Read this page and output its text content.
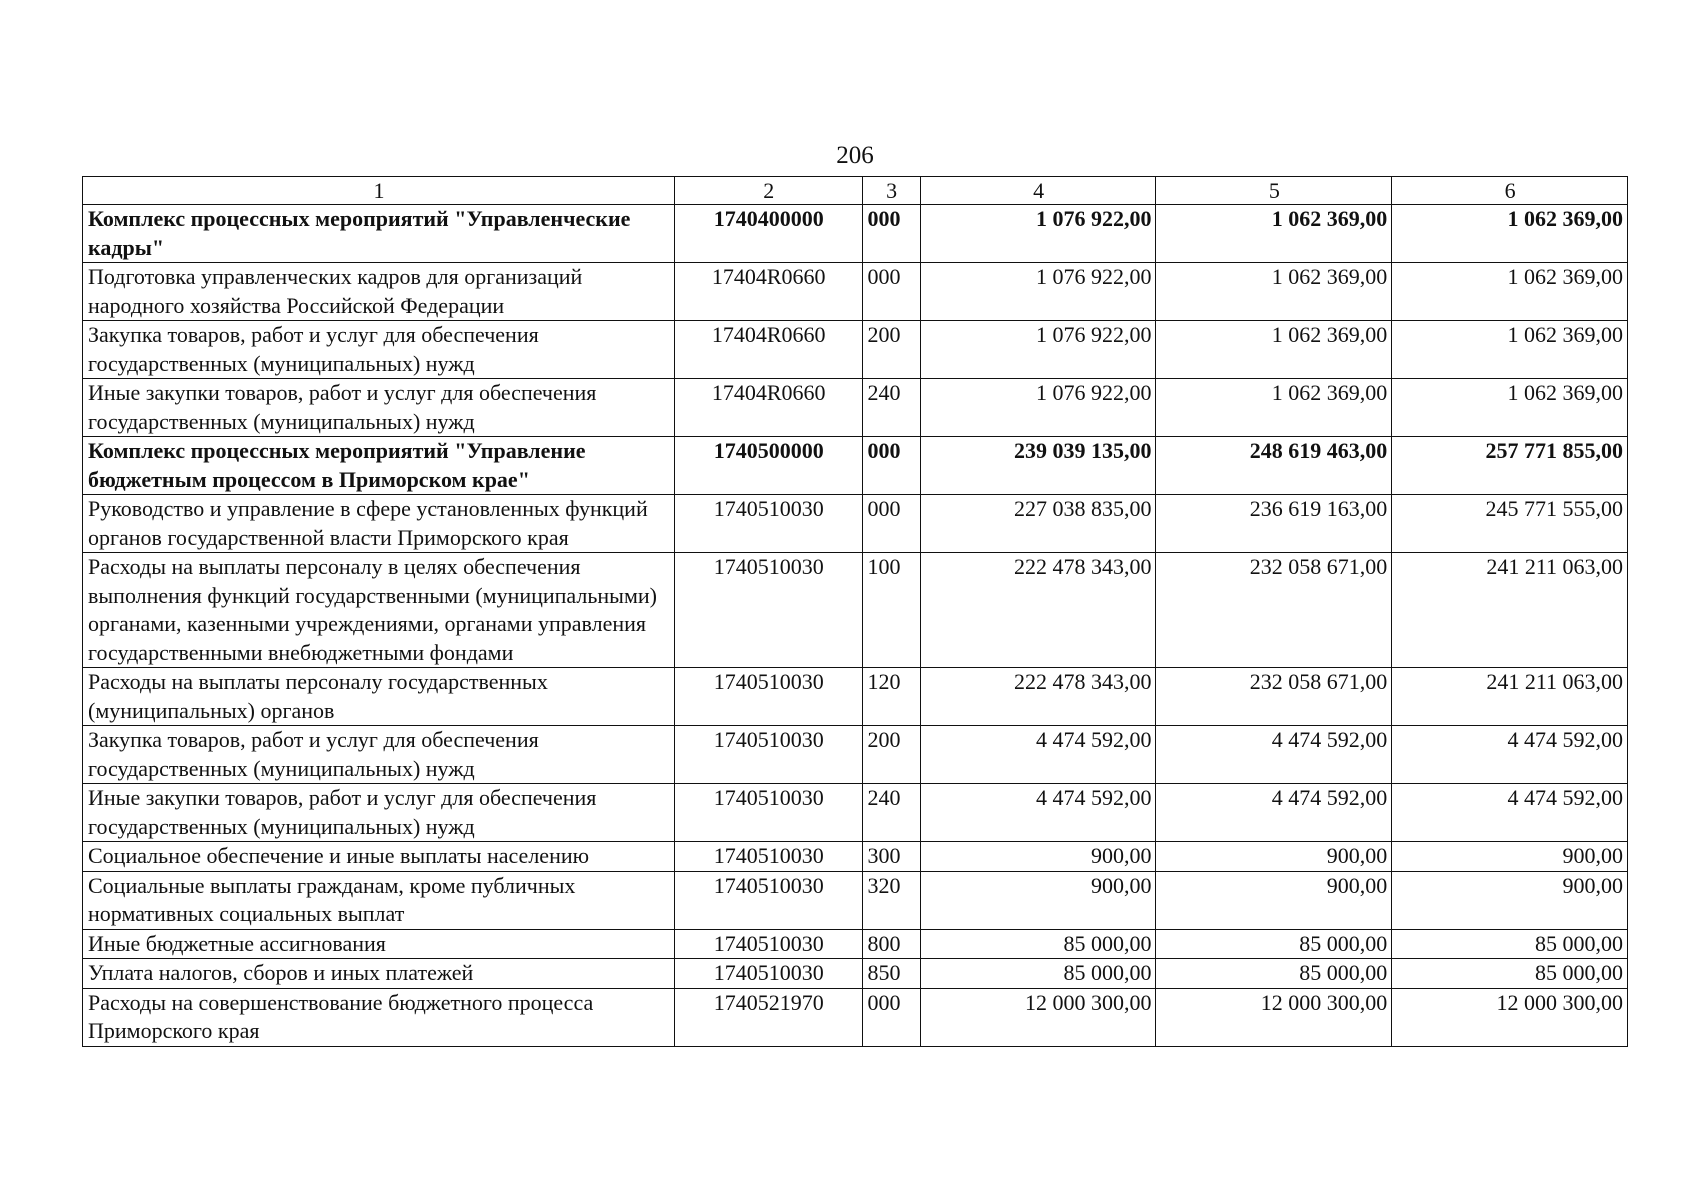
206
1	2	3	4	5	6
Комплекс процессных мероприятий "Управленческие кадры"	1740400000	000	1 076 922,00	1 062 369,00	1 062 369,00
Подготовка управленческих кадров для организаций народного хозяйства Российской Федерации	17404R0660	000	1 076 922,00	1 062 369,00	1 062 369,00
Закупка товаров, работ и услуг для обеспечения государственных (муниципальных) нужд	17404R0660	200	1 076 922,00	1 062 369,00	1 062 369,00
Иные закупки товаров, работ и услуг для обеспечения государственных (муниципальных) нужд	17404R0660	240	1 076 922,00	1 062 369,00	1 062 369,00
Комплекс процессных мероприятий "Управление бюджетным процессом в Приморском крае"	1740500000	000	239 039 135,00	248 619 463,00	257 771 855,00
Руководство и управление в сфере установленных функций органов государственной власти Приморского края	1740510030	000	227 038 835,00	236 619 163,00	245 771 555,00
Расходы на выплаты персоналу в целях обеспечения выполнения функций государственными (муниципальными) органами, казенными учреждениями, органами управления государственными внебюджетными фондами	1740510030	100	222 478 343,00	232 058 671,00	241 211 063,00
Расходы на выплаты персоналу государственных (муниципальных) органов	1740510030	120	222 478 343,00	232 058 671,00	241 211 063,00
Закупка товаров, работ и услуг для обеспечения государственных (муниципальных) нужд	1740510030	200	4 474 592,00	4 474 592,00	4 474 592,00
Иные закупки товаров, работ и услуг для обеспечения государственных (муниципальных) нужд	1740510030	240	4 474 592,00	4 474 592,00	4 474 592,00
Социальное обеспечение и иные выплаты населению	1740510030	300	900,00	900,00	900,00
Социальные выплаты гражданам, кроме публичных нормативных социальных выплат	1740510030	320	900,00	900,00	900,00
Иные бюджетные ассигнования	1740510030	800	85 000,00	85 000,00	85 000,00
Уплата налогов, сборов и иных платежей	1740510030	850	85 000,00	85 000,00	85 000,00
Расходы на совершенствование бюджетного процесса Приморского края	1740521970	000	12 000 300,00	12 000 300,00	12 000 300,00
